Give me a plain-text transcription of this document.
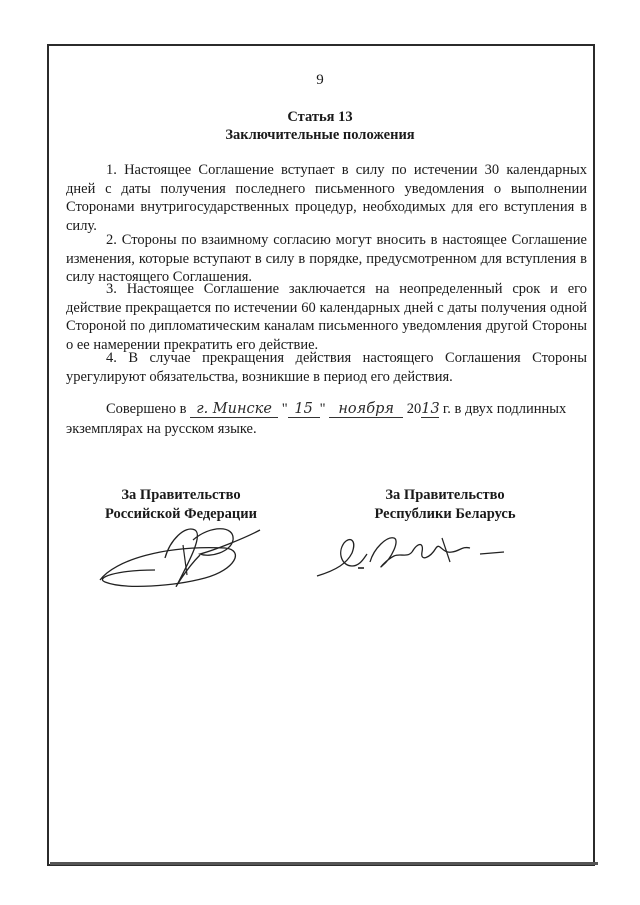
9
Статья 13
Заключительные положения

1. Настоящее Соглашение вступает в силу по истечении 30 календарных дней с даты получения последнего письменного уведомления о выполнении Сторонами внутригосударственных процедур, необходимых для его вступления в силу.

2. Стороны по взаимному согласию могут вносить в настоящее Соглашение изменения, которые вступают в силу в порядке, предусмотренном для вступления в силу настоящего Соглашения.

3. Настоящее Соглашение заключается на неопределенный срок и его действие прекращается по истечении 60 календарных дней с даты получения одной Стороной по дипломатическим каналам письменного уведомления другой Стороны о ее намерении прекратить его действие.

4. В случае прекращения действия настоящего Соглашения Стороны урегулируют обязательства, возникшие в период его действия.

Совершено в г. Минске " 15 " ноября 2013 г. в двух подлинных экземплярах на русском языке.
За Правительство
Российской Федерации
За Правительство
Республики Беларусь
